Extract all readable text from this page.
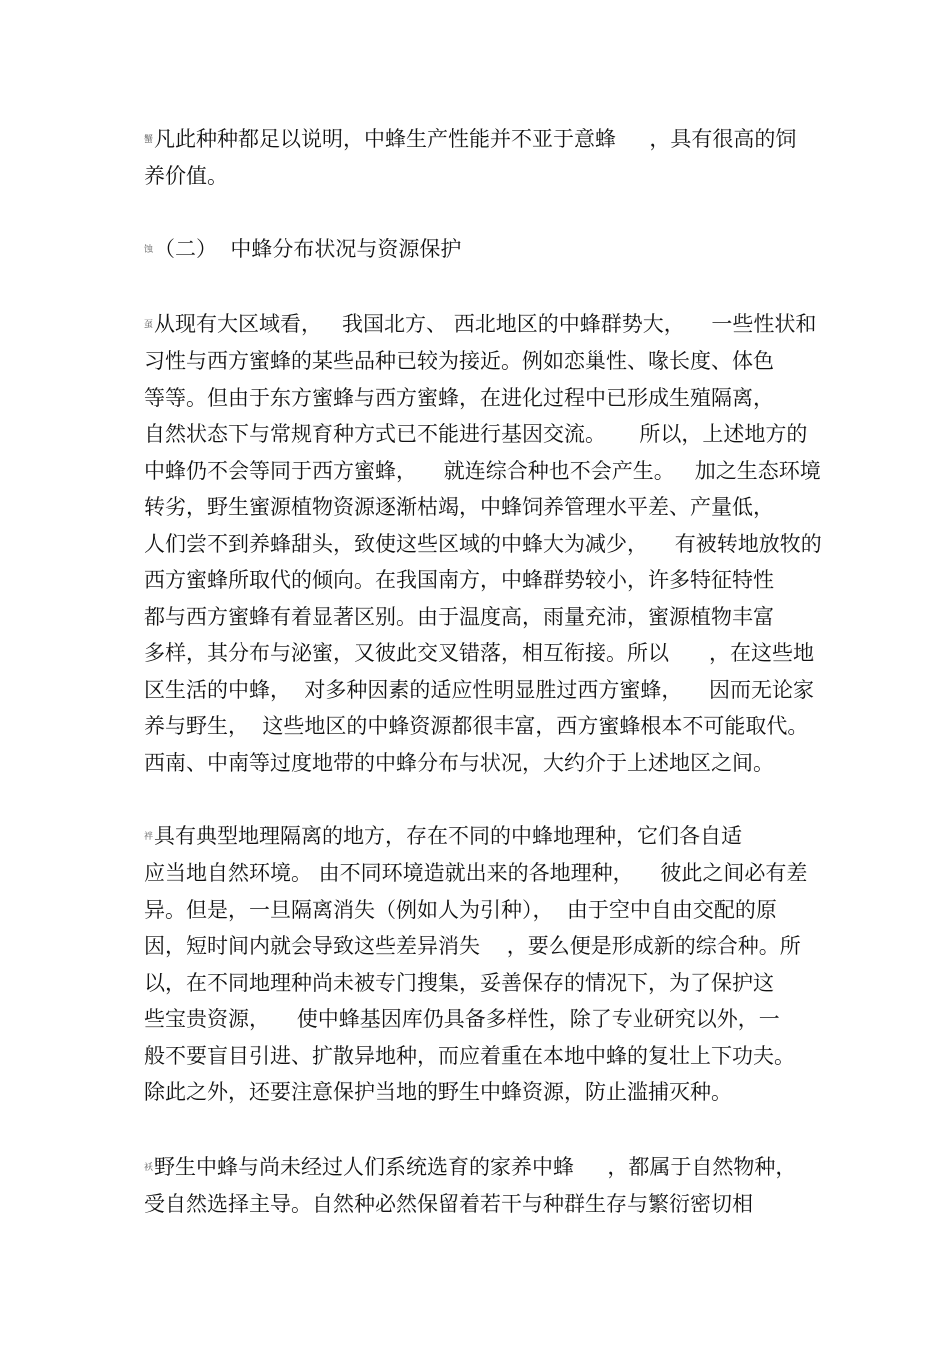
蟹凡此种种都足以说明，中蜂生产性能并不亚于意蜂     ，具有很高的饲
养价值。
蚀（二）  中蜂分布状况与资源保护
虿从现有大区域看，   我国北方、 西北地区的中蜂群势大，    一些性状和
习性与西方蜜蜂的某些品种已较为接近。例如恋巢性、喙长度、体色
等等。但由于东方蜜蜂与西方蜜蜂，在进化过程中已形成生殖隔离，
自然状态下与常规育种方式已不能进行基因交流。     所以，上述地方的
中蜂仍不会等同于西方蜜蜂，    就连综合种也不会产生。   加之生态环境
转劣，野生蜜源植物资源逐渐枯竭，中蜂饲养管理水平差、产量低，
人们尝不到养蜂甜头，致使这些区域的中蜂大为减少，    有被转地放牧的
西方蜜蜂所取代的倾向。在我国南方，中蜂群势较小，许多特征特性
都与西方蜜蜂有着显著区别。由于温度高，雨量充沛，蜜源植物丰富
多样，其分布与泌蜜，又彼此交叉错落，相互衔接。所以      ，在这些地
区生活的中蜂，  对多种因素的适应性明显胜过西方蜜蜂，    因而无论家
养与野生，  这些地区的中蜂资源都很丰富，西方蜜蜂根本不可能取代。
西南、中南等过度地带的中蜂分布与状况，大约介于上述地区之间。
袢具有典型地理隔离的地方，存在不同的中蜂地理种，它们各自适
应当地自然环境。 由不同环境造就出来的各地理种，    彼此之间必有差
异。但是，一旦隔离消失（例如人为引种），  由于空中自由交配的原
因，短时间内就会导致这些差异消失    ，要么便是形成新的综合种。所
以，在不同地理种尚未被专门搜集，妥善保存的情况下，为了保护这
些宝贵资源，    使中蜂基因库仍具备多样性，除了专业研究以外，一
般不要盲目引进、扩散异地种，而应着重在本地中蜂的复壮上下功夫。
除此之外，还要注意保护当地的野生中蜂资源，防止滥捕灭种。
袄野生中蜂与尚未经过人们系统选育的家养中蜂     ，都属于自然物种，
受自然选择主导。自然种必然保留着若干与种群生存与繁衍密切相
